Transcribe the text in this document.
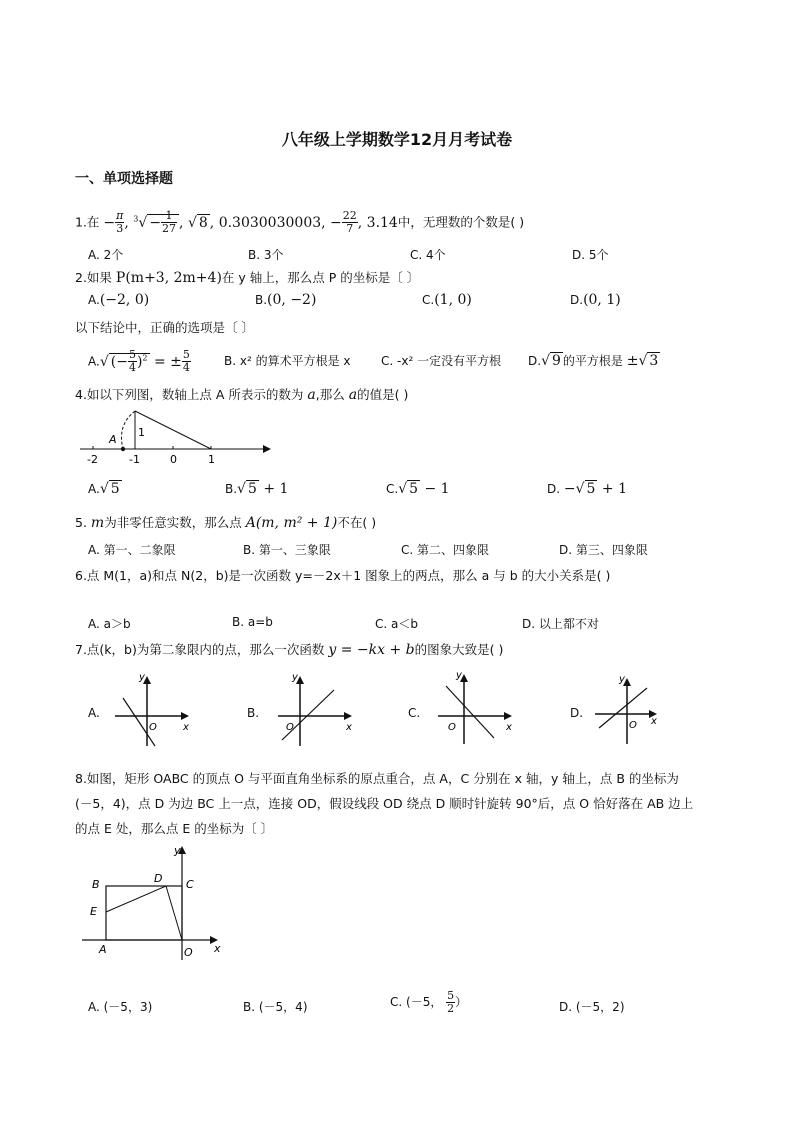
八年级上学期数学12月月考试卷
一、单项选择题
1.在 − $\frac{\pi}{3}$ , $^3√ - \frac{1}{27}$ , √ 8 , 0.3030030003, − $\frac{22}{7}$ , 3.14中，无理数的个数是( )
A. 2个	B. 3个	C. 4个	D. 5个
2.如果 P(m+3, 2m+4)在 y 轴上，那么点 P 的坐标是〔 〕
A.(−2, 0)	B.(0, −2)	C.(1, 0)	D.(0, 1)
以下结论中，正确的选项是〔 〕
A.√ (− $\frac{5}{4} )^2$ = ± $\frac{5}{4}$	B. x² 的算术平方根是 x	C. -x² 一定没有平方根 D.√ 9 的平方根是 ±√ 3
4.如以下列图，数轴上点 A 所表示的数为 a,那么 a的值是( )
A
1
-2	-1	0	1
A.√ 5	B.√ 5 + 1	C.√ 5 − 1	D. −√ 5 + 1
5. m为非零任意实数，那么点 A(m, m² + 1)不在( )
A. 第一、二象限	B. 第一、三象限	C. 第二、四象限	D. 第三、四象限
6.点 M(1，a)和点 N(2，b)是一次函数 y=－2x＋1 图象上的两点，那么 a 与 b 的大小关系是( )
A. a＞b	B. a=b	C. a＜b	D. 以上都不对
7.点(k，b)为第二象限内的点，那么一次函数 y = −kx + b的图象大致是( )
A.
y
x
O
B.
y
x
O
C.
y
x
O
D.
y
x
O
8.如图，矩形 OABC 的顶点 O 与平面直角坐标系的原点重合，点 A，C 分别在 x 轴，y 轴上，点 B 的坐标为
(－5，4)，点 D 为边 BC 上一点，连接 OD，假设线段 OD 绕点 D 顺时针旋转 90°后，点 O 恰好落在 AB 边上
的点 E 处，那么点 E 的坐标为〔 〕
B	D C
E
A	O x
y
A. (－5，3)	B. (－5，4)	C. (－5， $\frac{5}{2}$ ）	D. (－5，2)
